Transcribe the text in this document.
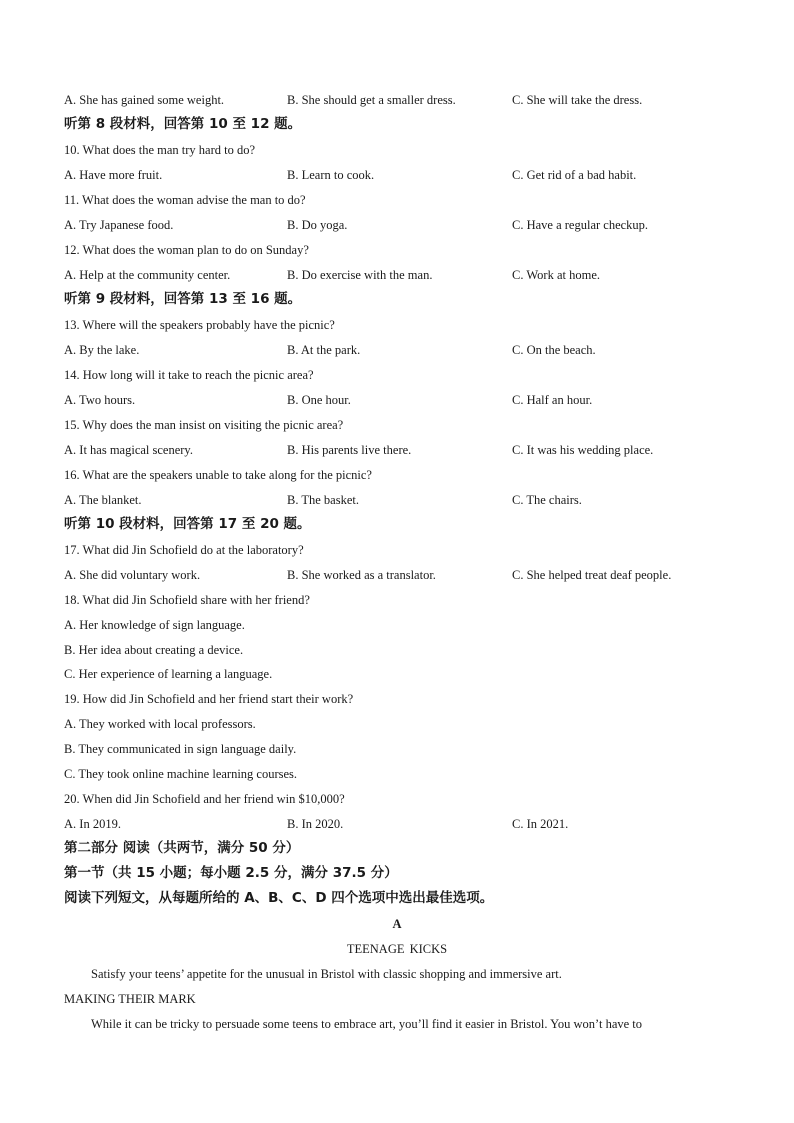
A. She has gained some weight.	B. She should get a smaller dress.	C. She will take the dress.
听第 8 段材料，回答第 10 至 12 题。
10. What does the man try hard to do?
A. Have more fruit.	B. Learn to cook.	C. Get rid of a bad habit.
11. What does the woman advise the man to do?
A. Try Japanese food.	B. Do yoga.	C. Have a regular checkup.
12. What does the woman plan to do on Sunday?
A. Help at the community center.	B. Do exercise with the man.	C. Work at home.
听第 9 段材料，回答第 13 至 16 题。
13. Where will the speakers probably have the picnic?
A. By the lake.	B. At the park.	C. On the beach.
14. How long will it take to reach the picnic area?
A. Two hours.	B. One hour.	C. Half an hour.
15. Why does the man insist on visiting the picnic area?
A. It has magical scenery.	B. His parents live there.	C. It was his wedding place.
16. What are the speakers unable to take along for the picnic?
A. The blanket.	B. The basket.	C. The chairs.
听第 10 段材料，回答第 17 至 20 题。
17. What did Jin Schofield do at the laboratory?
A. She did voluntary work.	B. She worked as a translator.	C. She helped treat deaf people.
18. What did Jin Schofield share with her friend?
A. Her knowledge of sign language.
B. Her idea about creating a device.
C. Her experience of learning a language.
19. How did Jin Schofield and her friend start their work?
A. They worked with local professors.
B. They communicated in sign language daily.
C. They took online machine learning courses.
20. When did Jin Schofield and her friend win $10,000?
A. In 2019.	B. In 2020.	C. In 2021.
第二部分 阅读（共两节，满分 50 分）
第一节（共 15 小题；每小题 2.5 分，满分 37.5 分）
阅读下列短文，从每题所给的 A、B、C、D 四个选项中选出最佳选项。
A
TEENAGE KICKS
Satisfy your teens’ appetite for the unusual in Bristol with classic shopping and immersive art.
MAKING THEIR MARK
While it can be tricky to persuade some teens to embrace art, you’ll find it easier in Bristol. You won’t have to
